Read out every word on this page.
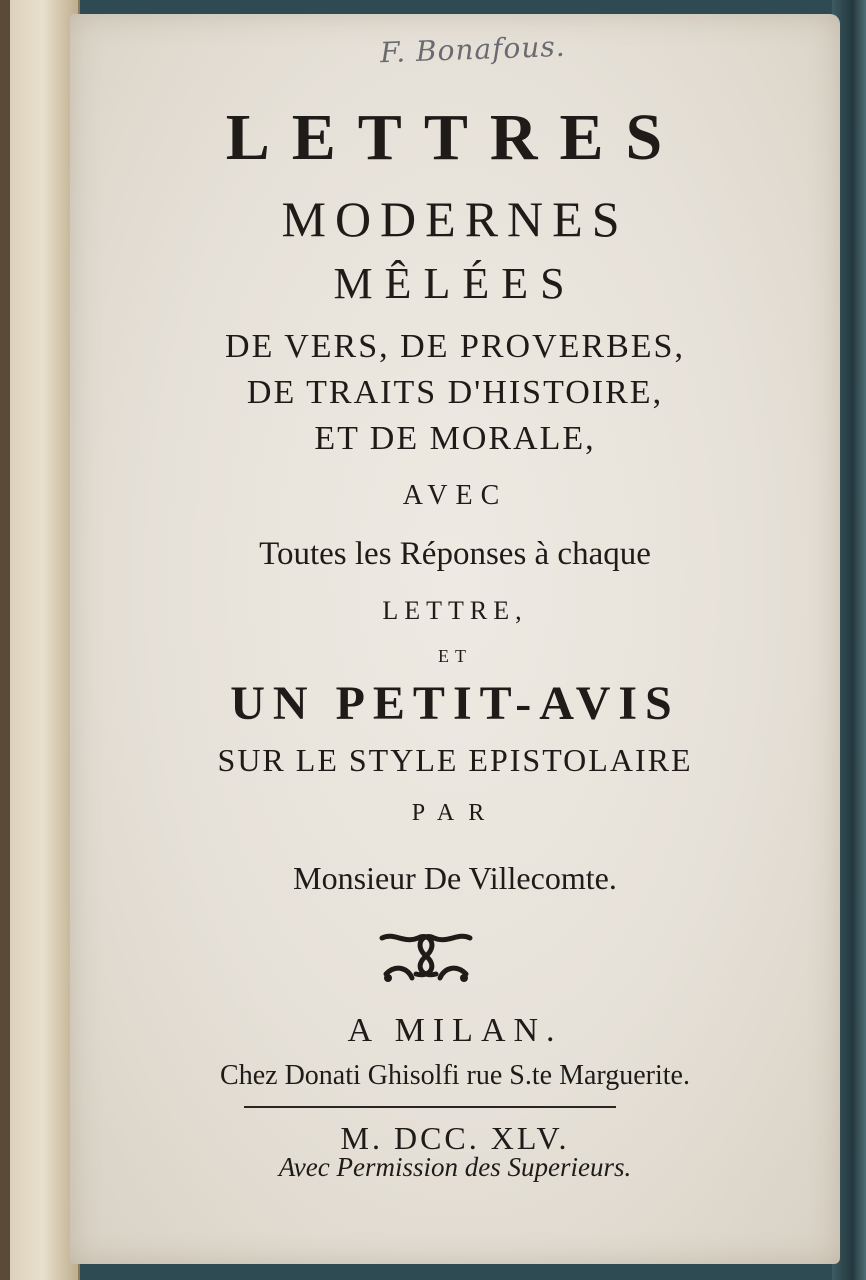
F. Bonafous.
LETTRES
MODERNES
MÊLÉES
DE VERS, DE PROVERBES,
DE TRAITS D'HISTOIRE,
ET DE MORALE,
AVEC
Toutes les Réponses à chaque
LETTRE,
ET
UN PETIT-AVIS
SUR LE STYLE EPISTOLAIRE
PAR
Monsieur De Villecomte.
A MILAN.
Chez Donati Ghisolfi rue S.te Marguerite.
M. DCC. XLV.
Avec Permission des Superieurs.
